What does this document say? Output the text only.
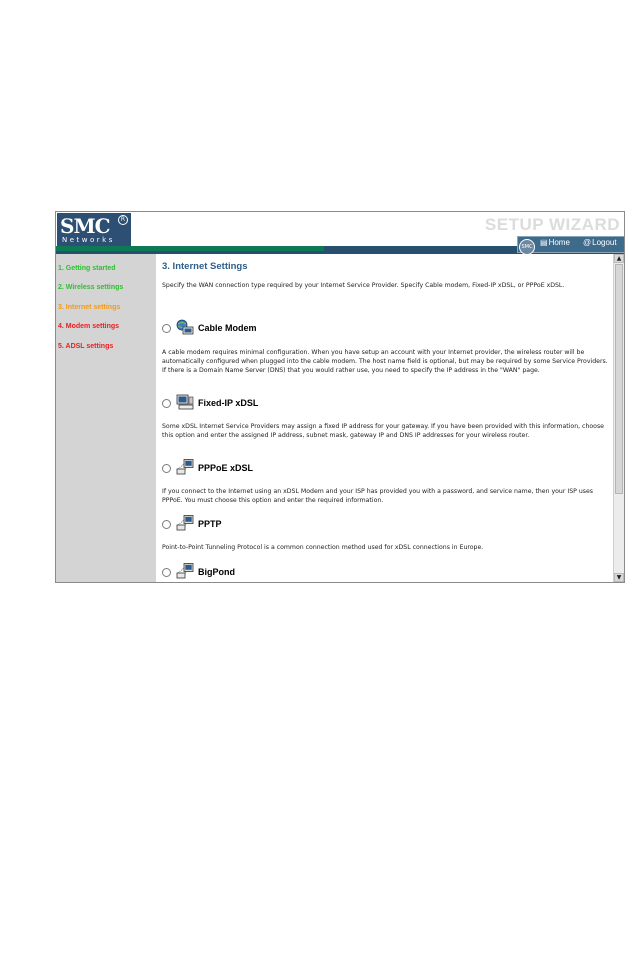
SMC	R
Networks
SETUP WIZARD
SMC ▤Home @Logout
1. Getting started
2. Wireless settings
3. Internet settings
4. Modem settings
5. ADSL settings
3. Internet Settings
Specify the WAN connection type required by your Internet Service Provider. Specify Cable modem, Fixed-IP xDSL, or PPPoE xDSL.
Cable Modem
A cable modem requires minimal configuration. When you have setup an account with your Internet provider, the wireless router will be automatically configured when plugged into the cable modem. The host name field is optional, but may be required by some Service Providers. If there is a Domain Name Server (DNS) that you would rather use, you need to specify the IP address in the "WAN" page.
Fixed-IP xDSL
Some xDSL Internet Service Providers may assign a fixed IP address for your gateway. If you have been provided with this information, choose this option and enter the assigned IP address, subnet mask, gateway IP and DNS IP addresses for your wireless router.
PPPoE xDSL
If you connect to the Internet using an xDSL Modem and your ISP has provided you with a password, and service name, then your ISP uses PPPoE. You must choose this option and enter the required information.
PPTP
Point-to-Point Tunneling Protocol is a common connection method used for xDSL connections in Europe.
BigPond
▲
▼
